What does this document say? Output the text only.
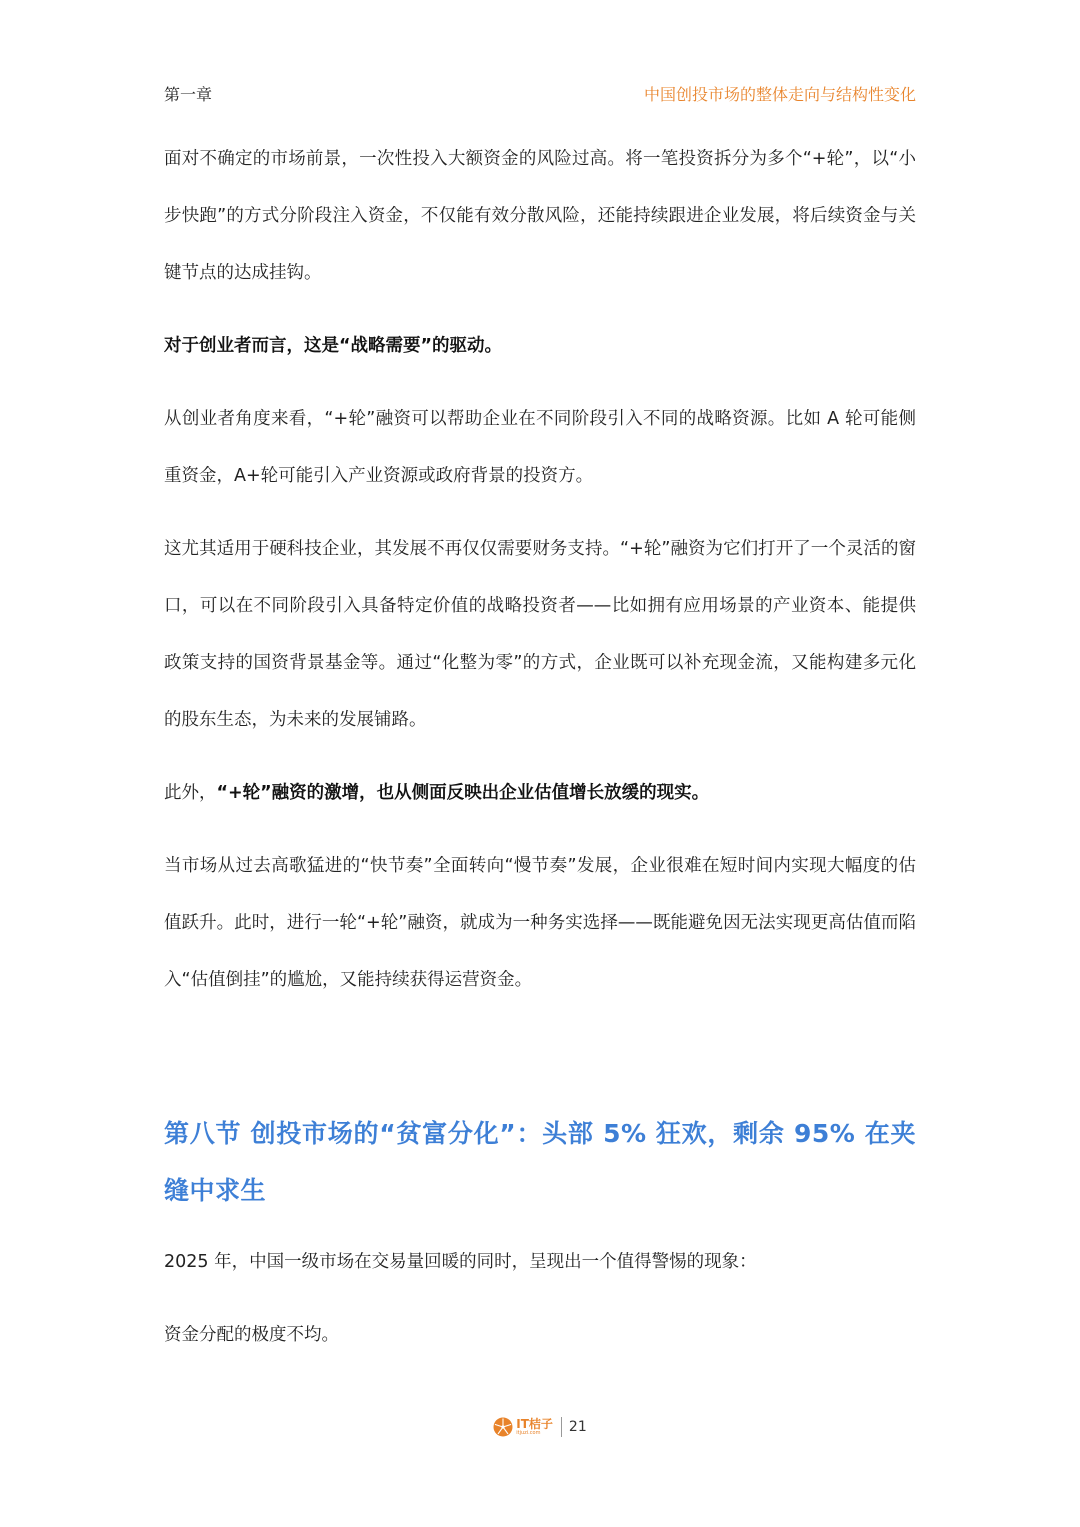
第一章	中国创投市场的整体走向与结构性变化

面对不确定的市场前景，一次性投入大额资金的风险过高。将一笔投资拆分为多个“+轮”，以“小步快跑”的方式分阶段注入资金，不仅能有效分散风险，还能持续跟进企业发展，将后续资金与关键节点的达成挂钩。

对于创业者而言，这是“战略需要”的驱动。

从创业者角度来看，“+轮”融资可以帮助企业在不同阶段引入不同的战略资源。比如 A 轮可能侧重资金，A+轮可能引入产业资源或政府背景的投资方。

这尤其适用于硬科技企业，其发展不再仅仅需要财务支持。“+轮”融资为它们打开了一个灵活的窗口，可以在不同阶段引入具备特定价值的战略投资者——比如拥有应用场景的产业资本、能提供政策支持的国资背景基金等。通过“化整为零”的方式，企业既可以补充现金流，又能构建多元化的股东生态，为未来的发展铺路。

此外，“+轮”融资的激增，也从侧面反映出企业估值增长放缓的现实。

当市场从过去高歌猛进的“快节奏”全面转向“慢节奏”发展，企业很难在短时间内实现大幅度的估值跃升。此时，进行一轮“+轮”融资，就成为一种务实选择——既能避免因无法实现更高估值而陷入“估值倒挂”的尴尬，又能持续获得运营资金。

第八节 创投市场的“贫富分化”：头部 5% 狂欢，剩余 95% 在夹缝中求生

2025 年，中国一级市场在交易量回暖的同时，呈现出一个值得警惕的现象：

资金分配的极度不均。

IT桔子
itjuzi.com	21
